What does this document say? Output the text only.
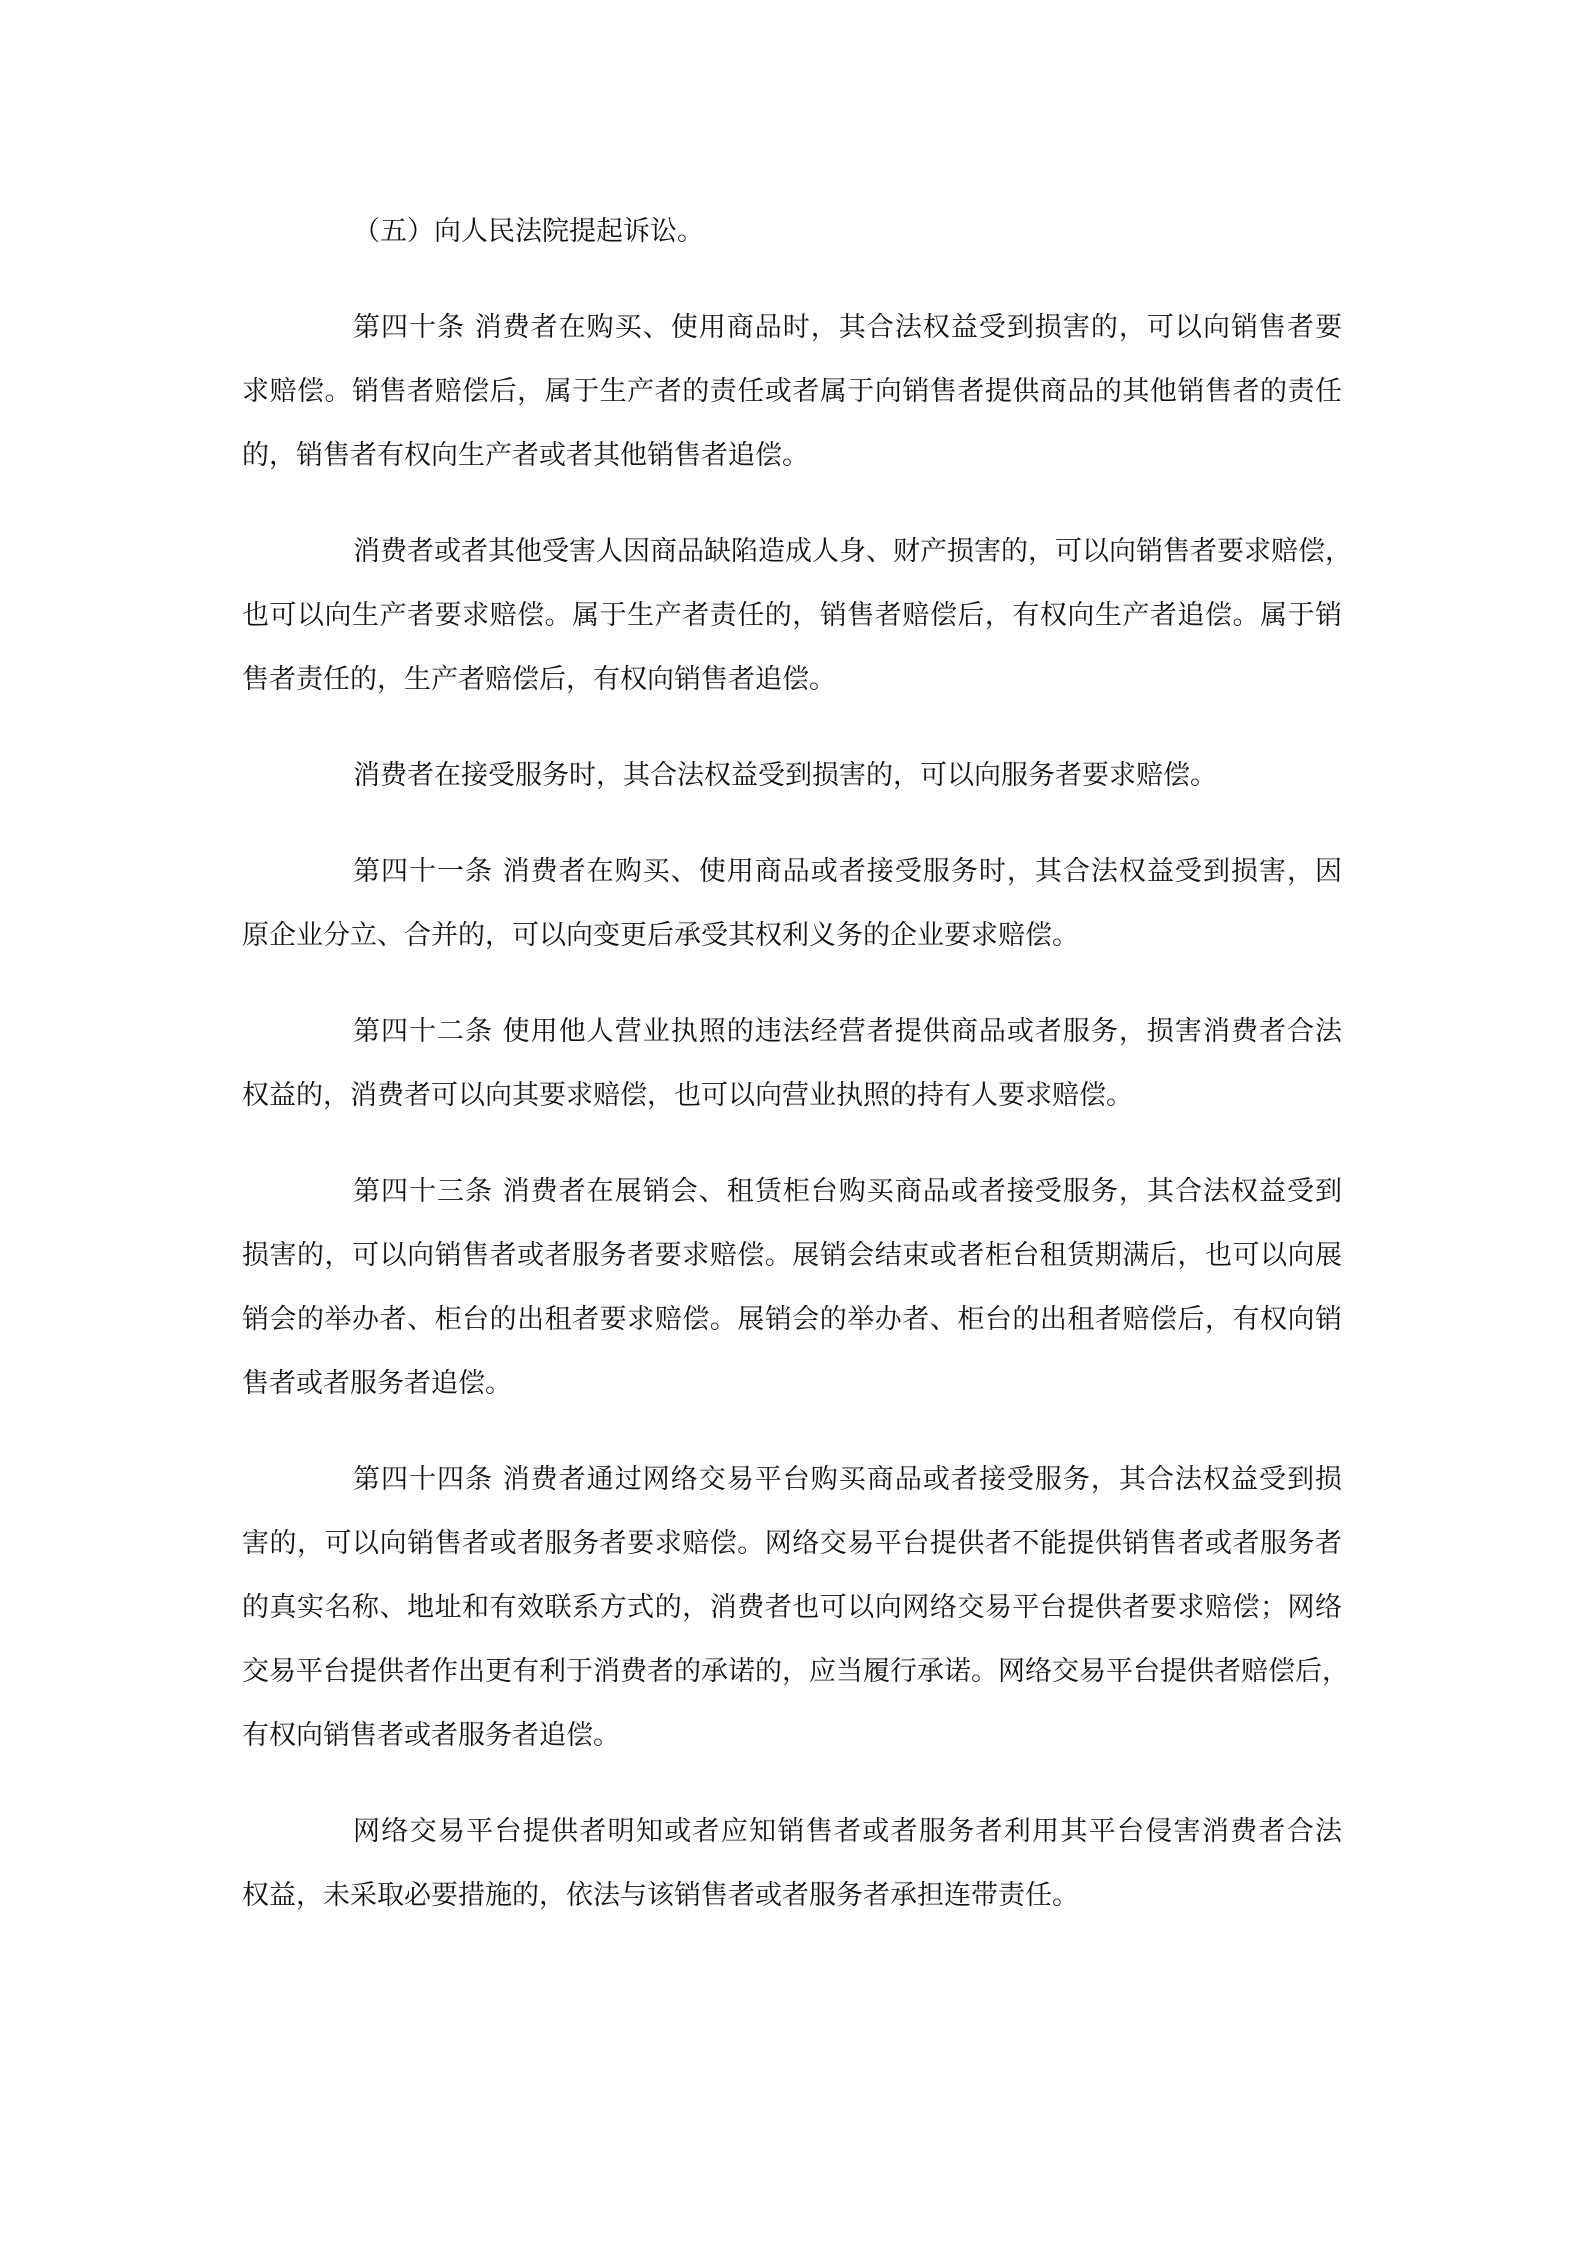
（五）向人民法院提起诉讼。
第四十条 消费者在购买、使用商品时，其合法权益受到损害的，可以向销售者要
求赔偿。销售者赔偿后，属于生产者的责任或者属于向销售者提供商品的其他销售者的责任
的，销售者有权向生产者或者其他销售者追偿。
消费者或者其他受害人因商品缺陷造成人身、财产损害的，可以向销售者要求赔偿，
也可以向生产者要求赔偿。属于生产者责任的，销售者赔偿后，有权向生产者追偿。属于销
售者责任的，生产者赔偿后，有权向销售者追偿。
消费者在接受服务时，其合法权益受到损害的，可以向服务者要求赔偿。
第四十一条 消费者在购买、使用商品或者接受服务时，其合法权益受到损害，因
原企业分立、合并的，可以向变更后承受其权利义务的企业要求赔偿。
第四十二条 使用他人营业执照的违法经营者提供商品或者服务，损害消费者合法
权益的，消费者可以向其要求赔偿，也可以向营业执照的持有人要求赔偿。
第四十三条 消费者在展销会、租赁柜台购买商品或者接受服务，其合法权益受到
损害的，可以向销售者或者服务者要求赔偿。展销会结束或者柜台租赁期满后，也可以向展
销会的举办者、柜台的出租者要求赔偿。展销会的举办者、柜台的出租者赔偿后，有权向销
售者或者服务者追偿。
第四十四条 消费者通过网络交易平台购买商品或者接受服务，其合法权益受到损
害的，可以向销售者或者服务者要求赔偿。网络交易平台提供者不能提供销售者或者服务者
的真实名称、地址和有效联系方式的，消费者也可以向网络交易平台提供者要求赔偿；网络
交易平台提供者作出更有利于消费者的承诺的，应当履行承诺。网络交易平台提供者赔偿后，
有权向销售者或者服务者追偿。
网络交易平台提供者明知或者应知销售者或者服务者利用其平台侵害消费者合法
权益，未采取必要措施的，依法与该销售者或者服务者承担连带责任。
